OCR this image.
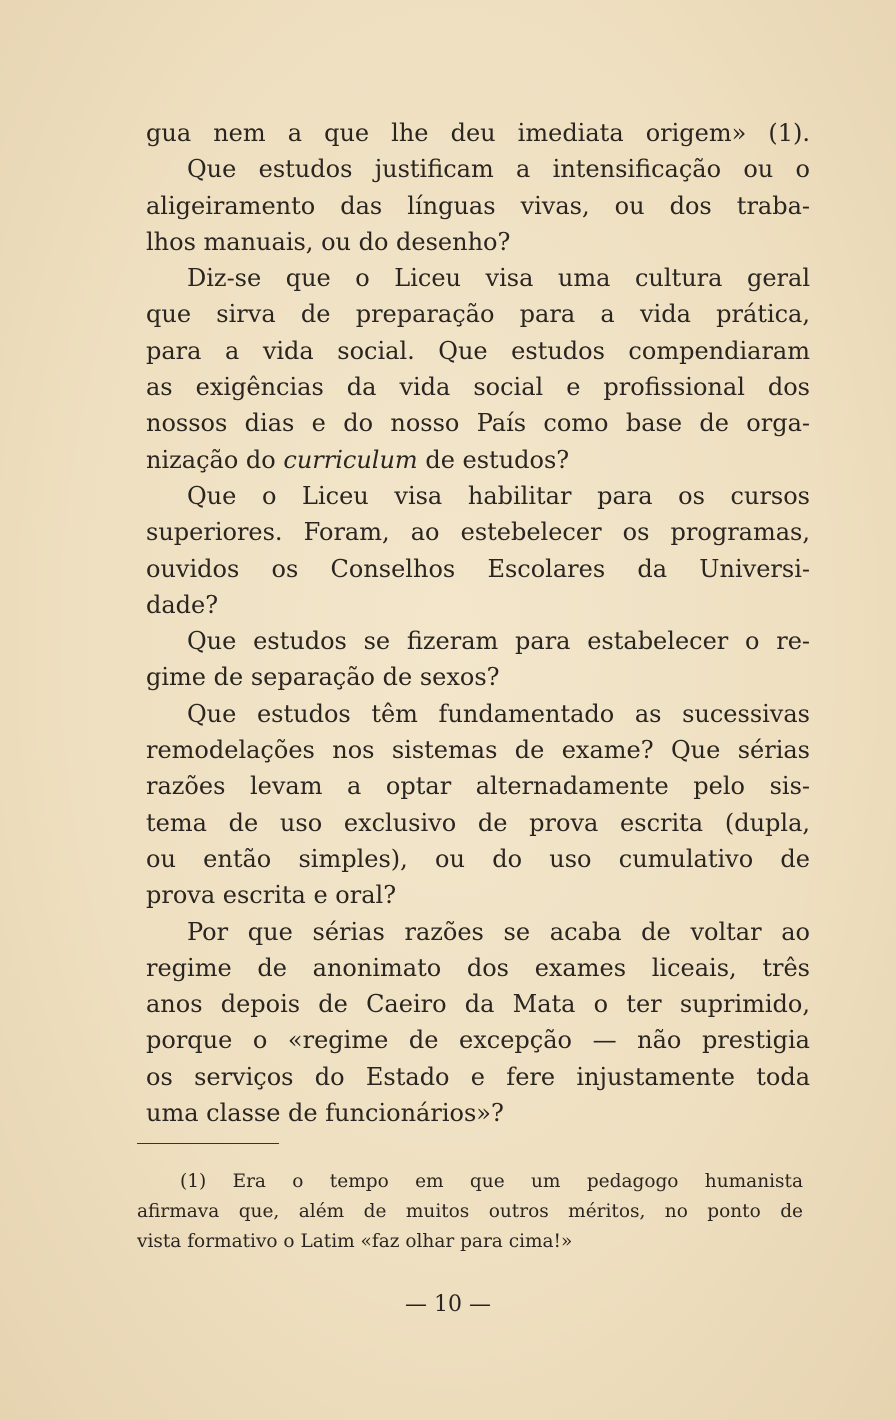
gua nem a que lhe deu imediata origem» (1).
Que estudos justificam a intensificação ou o
aligeiramento das línguas vivas, ou dos traba-
lhos manuais, ou do desenho?
Diz-se que o Liceu visa uma cultura geral
que sirva de preparação para a vida prática,
para a vida social. Que estudos compendiaram
as exigências da vida social e profissional dos
nossos dias e do nosso País como base de orga-
nização do curriculum de estudos?
Que o Liceu visa habilitar para os cursos
superiores. Foram, ao estebelecer os programas,
ouvidos os Conselhos Escolares da Universi-
dade?
Que estudos se fizeram para estabelecer o re-
gime de separação de sexos?
Que estudos têm fundamentado as sucessivas
remodelações nos sistemas de exame? Que sérias
razões levam a optar alternadamente pelo sis-
tema de uso exclusivo de prova escrita (dupla,
ou então simples), ou do uso cumulativo de
prova escrita e oral?
Por que sérias razões se acaba de voltar ao
regime de anonimato dos exames liceais, três
anos depois de Caeiro da Mata o ter suprimido,
porque o «regime de excepção — não prestigia
os serviços do Estado e fere injustamente toda
uma classe de funcionários»?
(1) Era o tempo em que um pedagogo humanista
afirmava que, além de muitos outros méritos, no ponto de
vista formativo o Latim «faz olhar para cima!»
— 10 —
